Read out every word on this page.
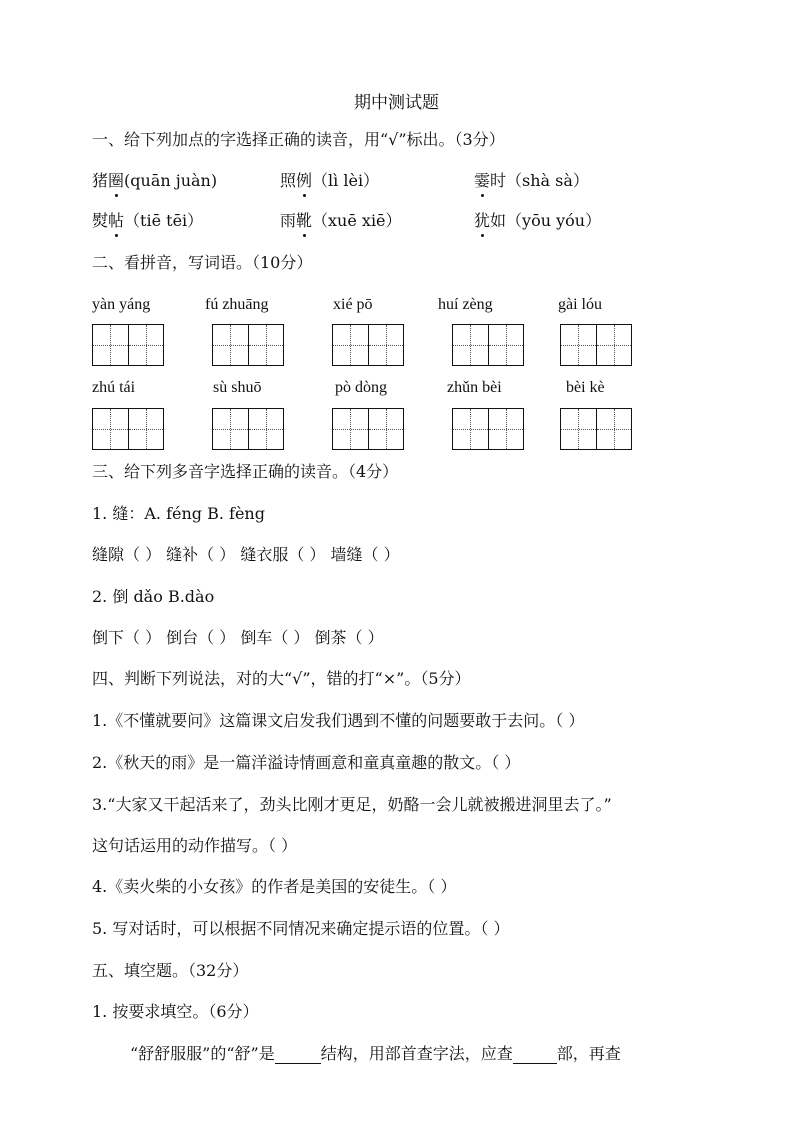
期中测试题
一、给下列加点的字选择正确的读音，用“√”标出。（3分）
猪圈(quān juàn)	照例（lì lèi）	霎时（shà sà）
熨帖（tiē tēi）	雨靴（xuē xiē）	犹如（yōu yóu）
二、看拼音，写词语。（10分）
yàn yáng	fú zhuāng	xié pō	huí zèng	gài lóu
zhú tái	sù shuō	pò dòng	zhǔn bèi	bèi kè
三、给下列多音字选择正确的读音。（4分）
1. 缝：A. féng B. fèng
缝隙（ ） 缝补（ ） 缝衣服（ ） 墙缝（ ）
2. 倒 dǎo B.dào
倒下（ ） 倒台（ ） 倒车（ ） 倒茶（ ）
四、判断下列说法，对的大“√”，错的打“×”。（5分）
1.《不懂就要问》这篇课文启发我们遇到不懂的问题要敢于去问。（ ）
2.《秋天的雨》是一篇洋溢诗情画意和童真童趣的散文。（ ）
3.“大家又干起活来了，劲头比刚才更足，奶酪一会儿就被搬进洞里去了。”
这句话运用的动作描写。（ ）
4.《卖火柴的小女孩》的作者是美国的安徒生。（ ）
5. 写对话时，可以根据不同情况来确定提示语的位置。（ ）
五、填空题。（32分）
1. 按要求填空。（6分）
“舒舒服服”的“舒”是	结构，用部首查字法，应查	部，再查
